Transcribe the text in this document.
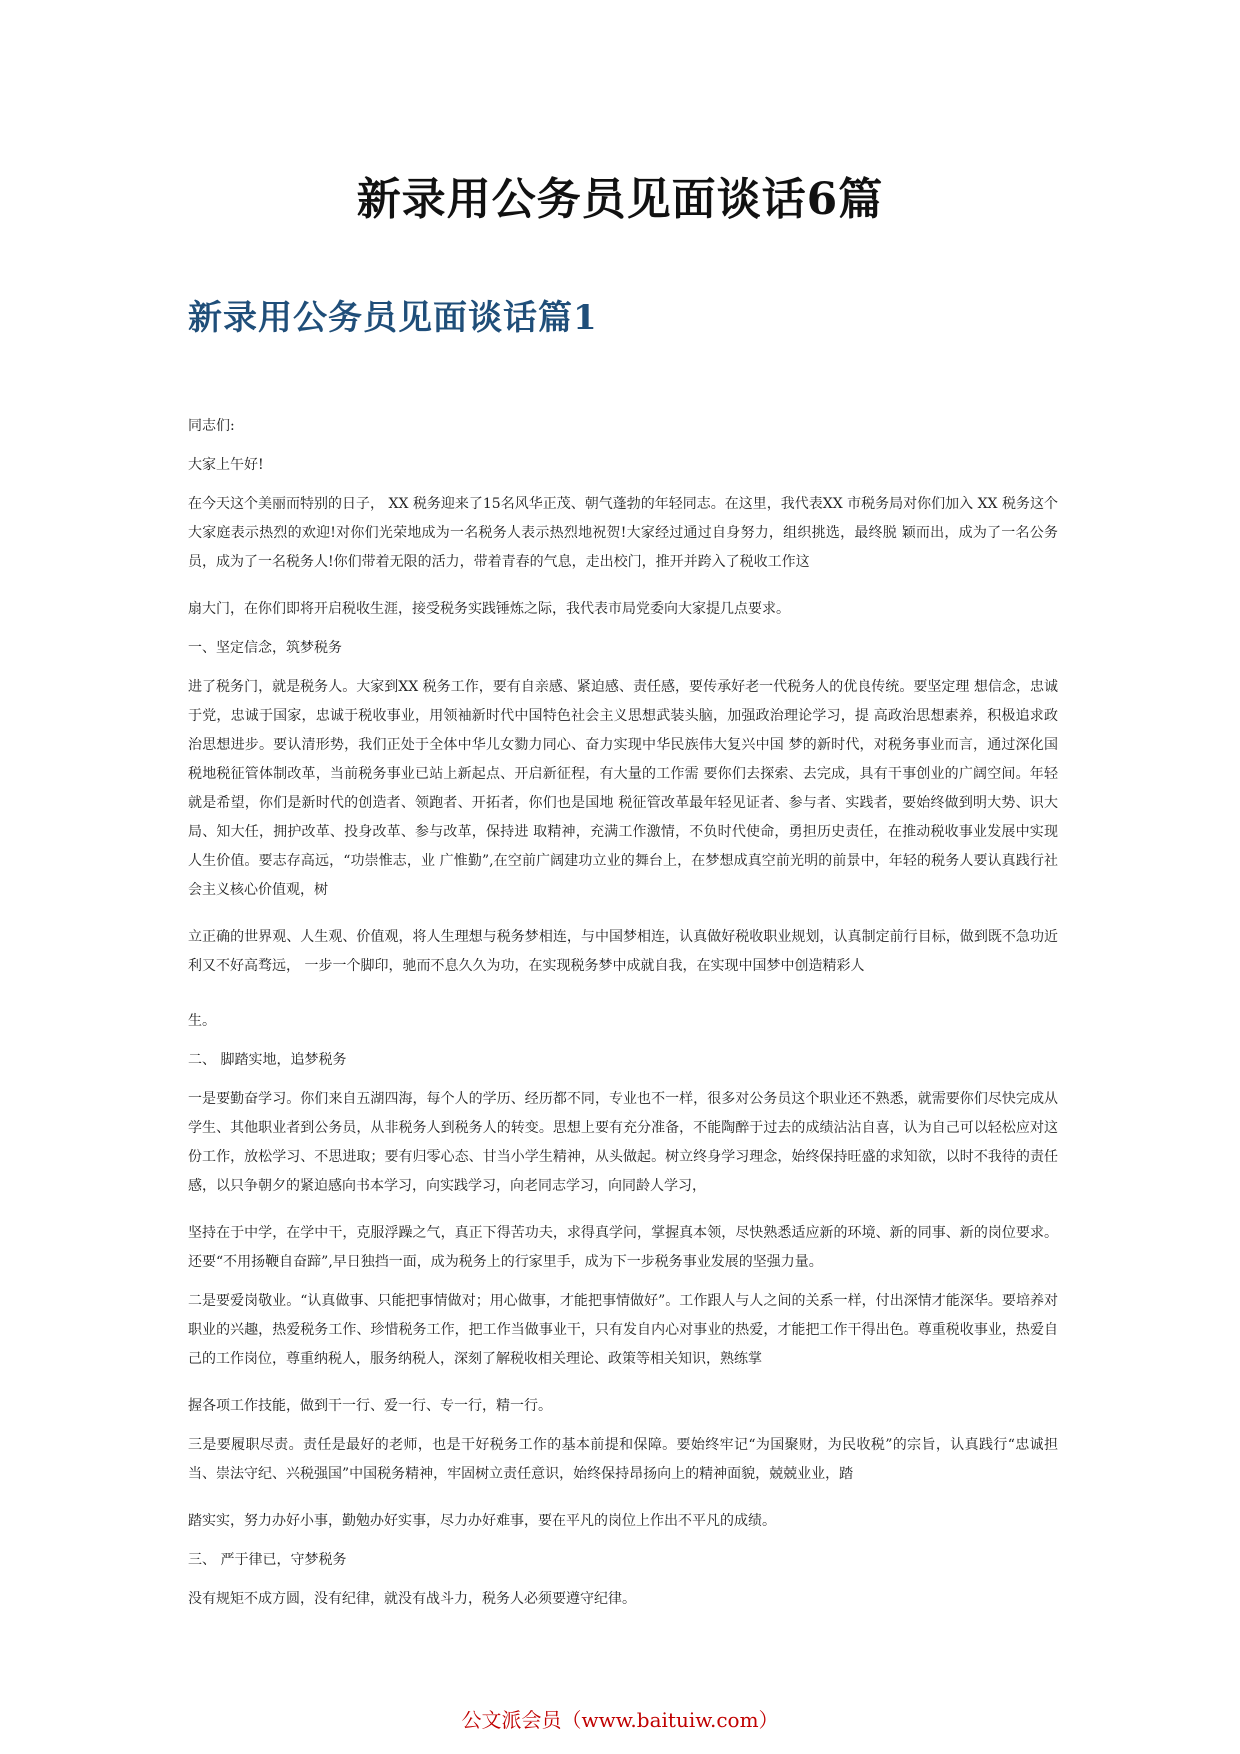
新录用公务员见面谈话6篇
新录用公务员见面谈话篇1

同志们:

大家上午好!

在今天这个美丽而特别的日子， XX 税务迎来了15名风华正茂、朝气蓬勃的年轻同志。在这里，我代表XX 市税务局对你们加入 XX 税务这个大家庭表示热烈的欢迎!对你们光荣地成为一名税务人表示热烈地祝贺!大家经过通过自身努力，组织挑选，最终脱 颖而出，成为了一名公务员，成为了一名税务人!你们带着无限的活力，带着青春的气息，走出校门，推开并跨入了税收工作这

扇大门，在你们即将开启税收生涯，接受税务实践锤炼之际，我代表市局党委向大家提几点要求。

一、坚定信念，筑梦税务

进了税务门，就是税务人。大家到XX 税务工作，要有自亲感、紧迫感、责任感，要传承好老一代税务人的优良传统。要坚定理 想信念，忠诚于党，忠诚于国家，忠诚于税收事业，用领袖新时代中国特色社会主义思想武装头脑，加强政治理论学习，提 高政治思想素养，积极追求政治思想进步。要认清形势，我们正处于全体中华儿女勠力同心、奋力实现中华民族伟大复兴中国 梦的新时代，对税务事业而言，通过深化国税地税征管体制改革，当前税务事业已站上新起点、开启新征程，有大量的工作需 要你们去探索、去完成，具有干事创业的广阔空间。年轻就是希望，你们是新时代的创造者、领跑者、开拓者，你们也是国地 税征管改革最年轻见证者、参与者、实践者，要始终做到明大势、识大局、知大任，拥护改革、投身改革、参与改革，保持进 取精神，充满工作激情，不负时代使命，勇担历史责任，在推动税收事业发展中实现人生价值。要志存高远，“功崇惟志，业 广惟勤”,在空前广阔建功立业的舞台上，在梦想成真空前光明的前景中，年轻的税务人要认真践行社会主义核心价值观，树

立正确的世界观、人生观、价值观，将人生理想与税务梦相连，与中国梦相连，认真做好税收职业规划，认真制定前行目标，做到既不急功近利又不好高骛远， 一步一个脚印，驰而不息久久为功，在实现税务梦中成就自我，在实现中国梦中创造精彩人

生。

二、 脚踏实地，追梦税务

一是要勤奋学习。你们来自五湖四海，每个人的学历、经历都不同，专业也不一样，很多对公务员这个职业还不熟悉，就需要你们尽快完成从学生、其他职业者到公务员，从非税务人到税务人的转变。思想上要有充分准备，不能陶醉于过去的成绩沾沾自喜，认为自己可以轻松应对这份工作，放松学习、不思进取；要有归零心态、甘当小学生精神，从头做起。树立终身学习理念，始终保持旺盛的求知欲，以时不我待的责任感，以只争朝夕的紧迫感向书本学习，向实践学习，向老同志学习，向同龄人学习，

坚持在于中学，在学中干，克服浮躁之气，真正下得苦功夫，求得真学问，掌握真本领，尽快熟悉适应新的环境、新的同事、新的岗位要求。还要“不用扬鞭自奋蹄”,早日独挡一面，成为税务上的行家里手，成为下一步税务事业发展的坚强力量。

二是要爱岗敬业。“认真做事、只能把事情做对；用心做事，才能把事情做好”。工作跟人与人之间的关系一样，付出深情才能深华。要培养对职业的兴趣，热爱税务工作、珍惜税务工作，把工作当做事业干，只有发自内心对事业的热爱，才能把工作干得出色。尊重税收事业，热爱自己的工作岗位，尊重纳税人，服务纳税人，深刻了解税收相关理论、政策等相关知识，熟练掌

握各项工作技能，做到干一行、爱一行、专一行，精一行。

三是要履职尽责。责任是最好的老师，也是干好税务工作的基本前提和保障。要始终牢记“为国聚财，为民收税”的宗旨，认真践行“忠诚担当、崇法守纪、兴税强国”中国税务精神，牢固树立责任意识，始终保持昂扬向上的精神面貌，兢兢业业，踏

踏实实，努力办好小事，勤勉办好实事，尽力办好难事，要在平凡的岗位上作出不平凡的成绩。

三、 严于律已，守梦税务

没有规矩不成方圆，没有纪律，就没有战斗力，税务人必须要遵守纪律。

公文派会员（www.baituiw.com）
